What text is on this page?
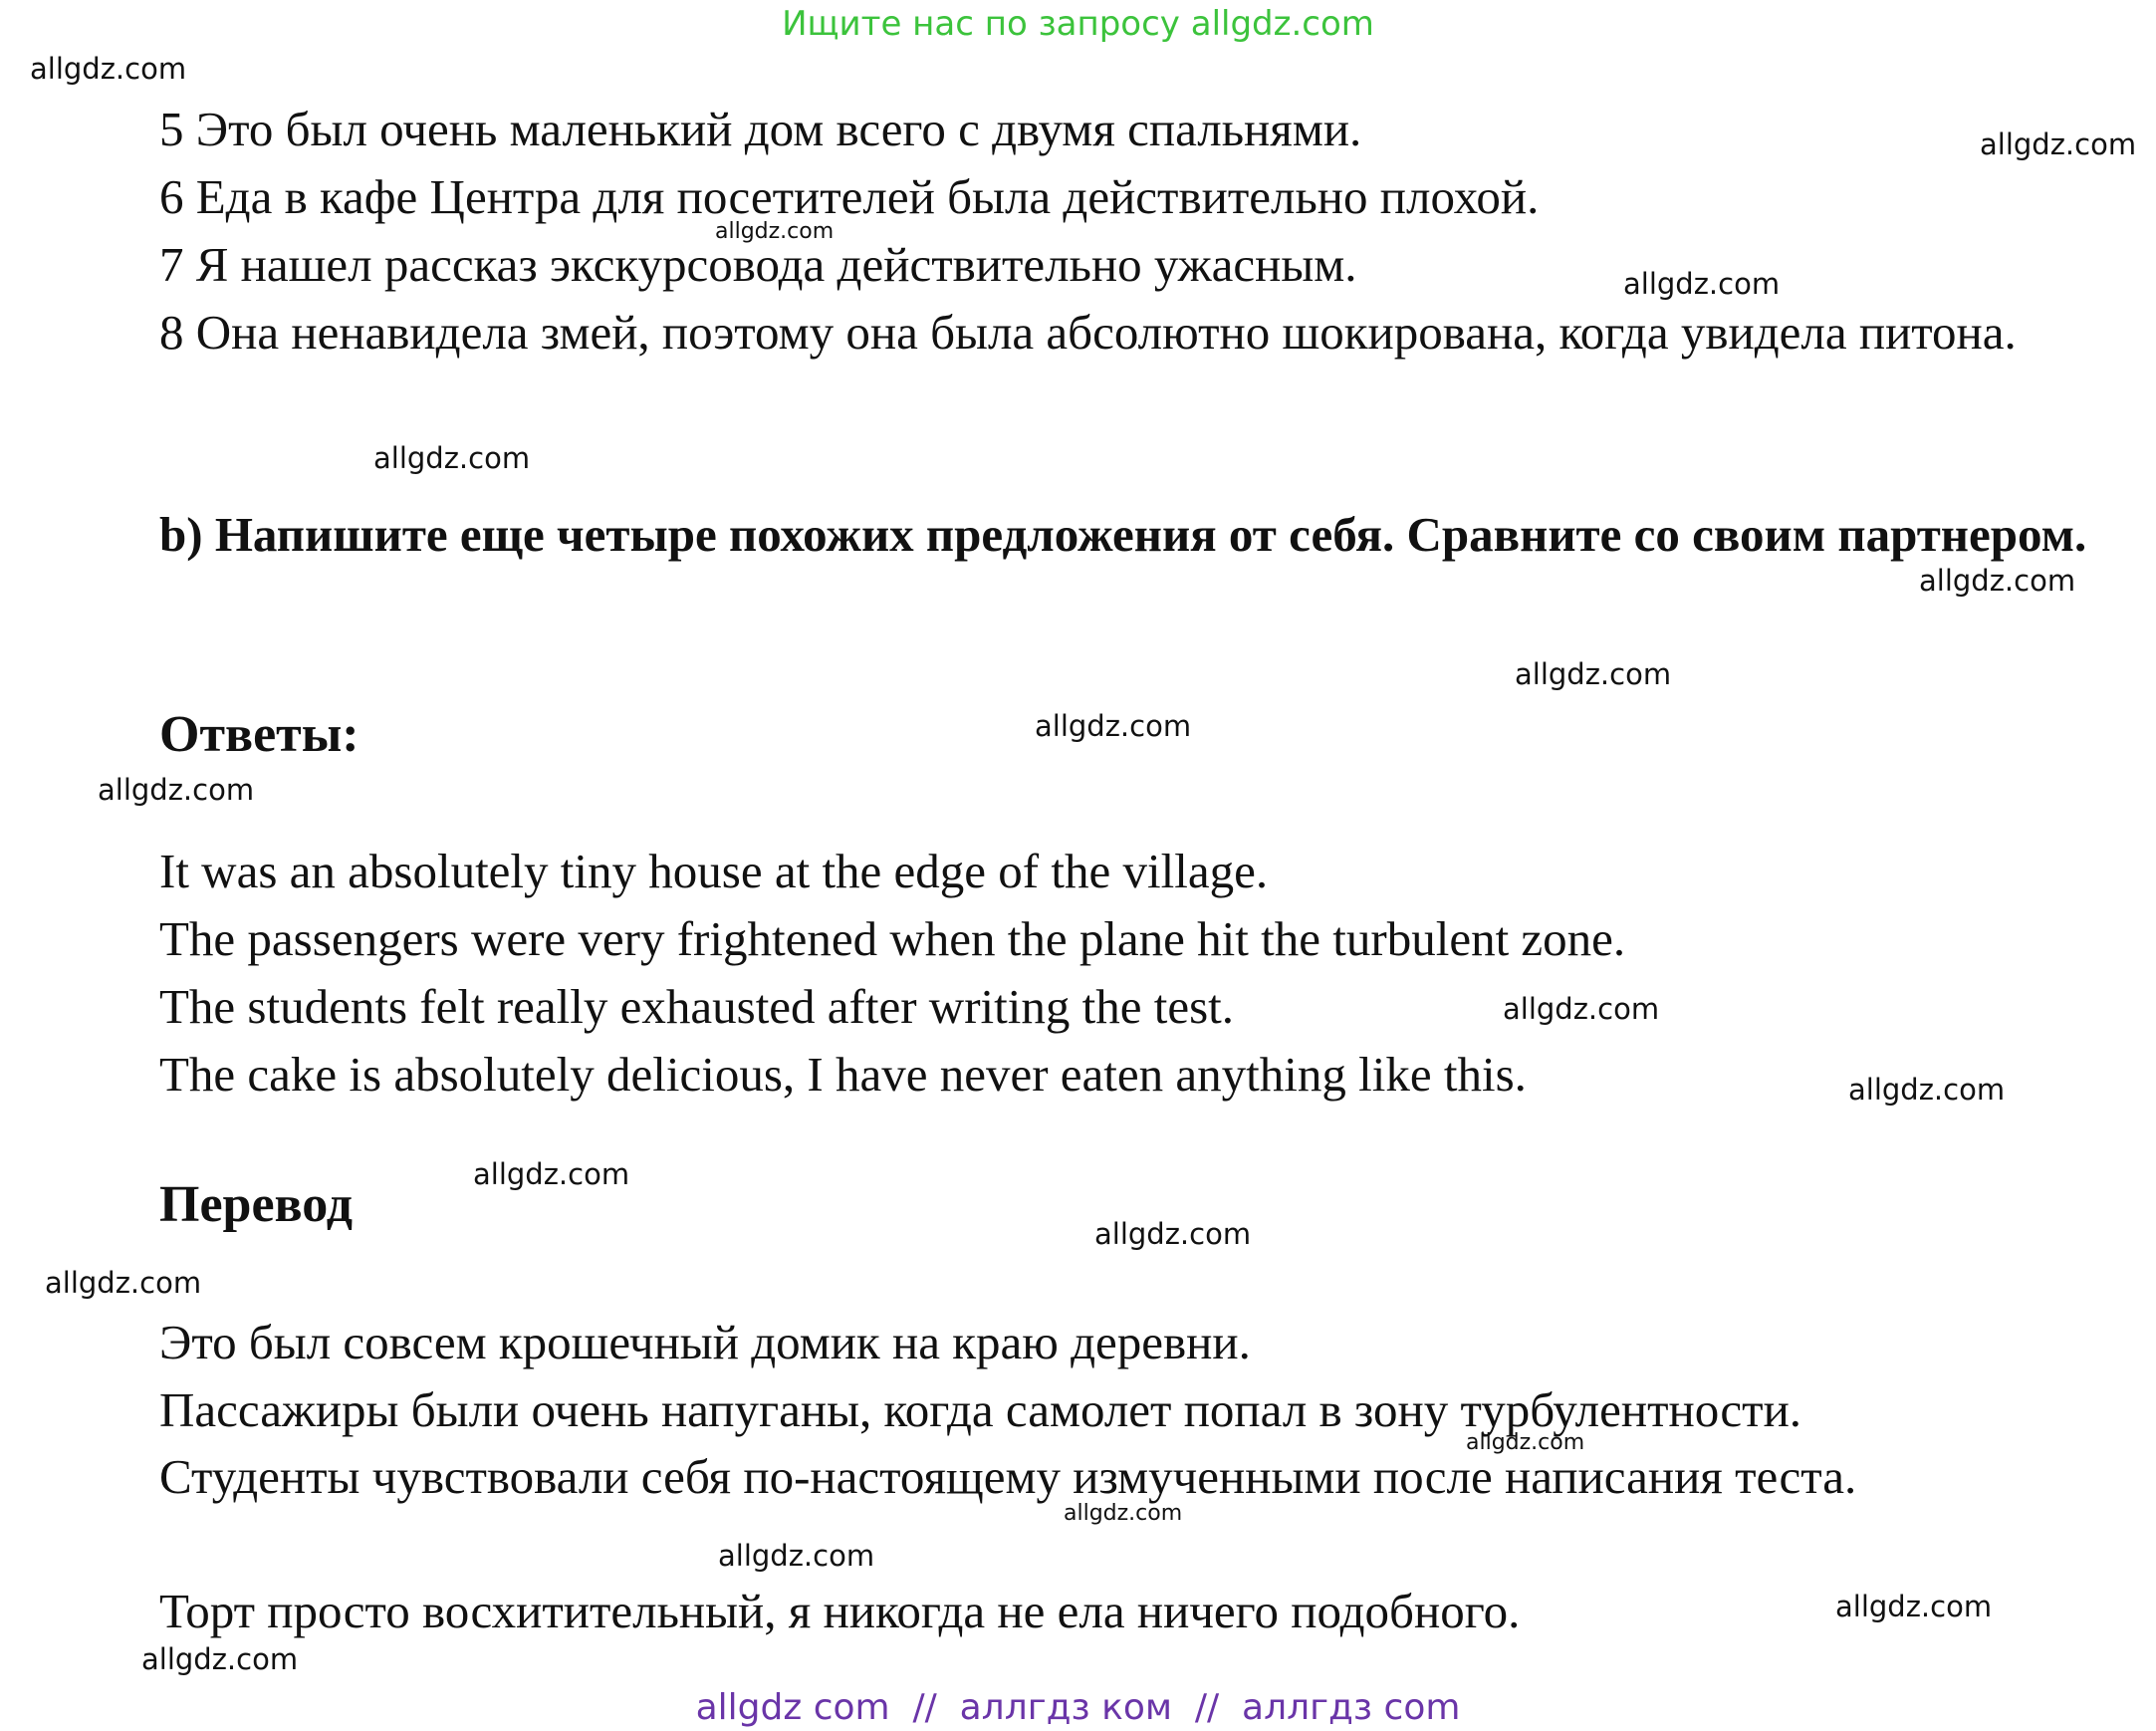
Ищите нас по запросу allgdz.com
5 Это был очень маленький дом всего с двумя спальнями.
6 Еда в кафе Центра для посетителей была действительно плохой.
7 Я нашел рассказ экскурсовода действительно ужасным.
8 Она ненавидела змей, поэтому она была абсолютно шокирована, когда увидела питона.
b) Напишите еще четыре похожих предложения от себя. Сравните со своим партнером.
Ответы:
It was an absolutely tiny house at the edge of the village.
The passengers were very frightened when the plane hit the turbulent zone.
The students felt really exhausted after writing the test.
The cake is absolutely delicious, I have never eaten anything like this.
Перевод
Это был совсем крошечный домик на краю деревни.
Пассажиры были очень напуганы, когда самолет попал в зону турбулентности.
Студенты чувствовали себя по-настоящему измученными после написания теста.
Торт просто восхитительный, я никогда не ела ничего подобного.
allgdz.com
allgdz.com
allgdz.com
allgdz.com
allgdz.com
allgdz.com
allgdz.com
allgdz.com
allgdz.com
allgdz.com
allgdz.com
allgdz.com
allgdz.com
allgdz.com
allgdz.com
allgdz.com
allgdz.com
allgdz.com
allgdz.com
allgdz com  //  аллгдз ком  //  аллгдз com
